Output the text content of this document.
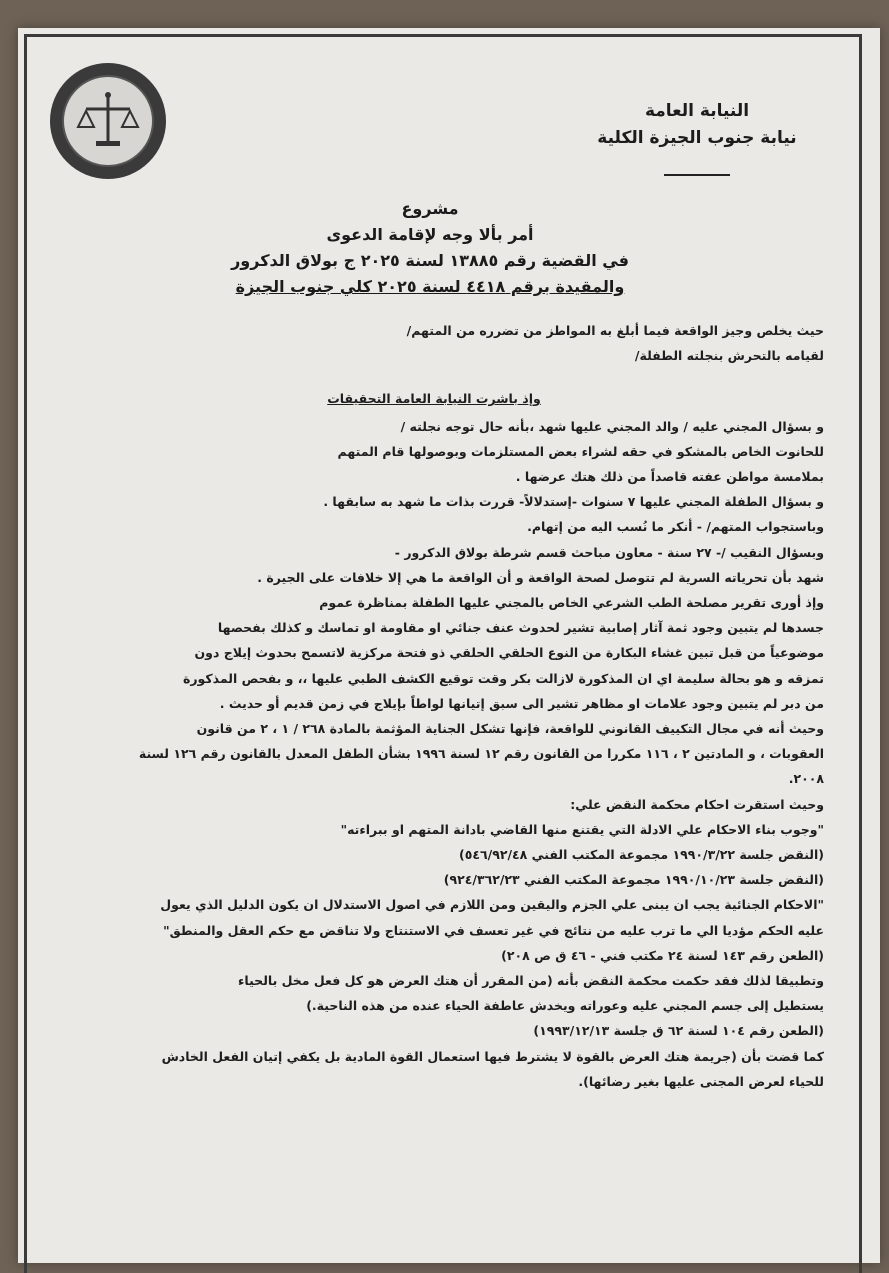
النيابة العامة
نيابة جنوب الجيزة الكلية
مشروع
أمر بألا وجه لإقامة الدعوى
في القضية رقم ١٣٨٨٥ لسنة ٢٠٢٥ ج بولاق الدكرور
والمقيدة برقم ٤٤١٨ لسنة ٢٠٢٥ كلي جنوب الجيزة

حيث يخلص وجيز الواقعة فيما أبلغ به المواطز من تضرره من المتهم/

لقيامه بالتحرش بنجلته الطفلة/

وإذ باشرت النيابة العامة التحقيقات

و بسؤال المجني عليه / والد المجني عليها شهد ،بأنه حال توجه نجلته /

للحانوت الخاص بالمشكو في حقه لشراء بعض المستلزمات وبوصولها قام المتهم

بملامسة مواطن عفته قاصداً من ذلك هتك عرضها .

و بسؤال الطفلة المجني عليها ٧ سنوات -إستدلالاً- قررت بذات ما شهد به سابقها .

وباستجواب المتهم/ - أنكر ما نُسب اليه من إتهام.

وبسؤال النقيب /- ٢٧ سنة - معاون مباحث قسم شرطة بولاق الدكرور -

شهد بأن تحرياته السرية لم تتوصل لصحة الواقعة و أن الواقعة ما هي إلا خلافات على الجيرة .

وإذ أورى تقرير مصلحة الطب الشرعي الخاص بالمجني عليها الطفلة بمناظرة عموم

جسدها لم يتبين وجود ثمة آثار إصابية تشير لحدوث عنف جنائي او مقاومة او تماسك و كذلك بفحصها

موضوعياً من قبل تبين غشاء البكارة من النوع الحلقي الحلقي ذو فتحة مركزية لاتسمح بحدوث إيلاج دون

تمزقه و هو بحالة سليمة اي ان المذكورة لازالت بكر وقت توقيع الكشف الطبي عليها ،، و بفحص المذكورة

من دبر لم يتبين وجود علامات او مظاهر تشير الى سبق إتيانها لواطاً بإيلاج في زمن قديم أو حديث .

وحيث أنه في مجال التكييف القانوني للواقعة، فإنها تشكل الجناية المؤثمة بالمادة ٢٦٨ / ١ ، ٢ من قانون

العقوبات ، و المادتين ٢ ، ١١٦ مكررا من القانون رقم ١٢ لسنة ١٩٩٦ بشأن الطفل المعدل بالقانون رقم ١٢٦ لسنة

٢٠٠٨.

وحيث استقرت احكام محكمة النقض علي:

"وجوب بناء الاحكام علي الادلة التي يقتنع منها القاضي بادانة المتهم او ببراءته"

(النقض جلسة ١٩٩٠/٣/٢٢ مجموعة المكتب الفني ٥٤٦/٩٢/٤٨)

(النقض جلسة ١٩٩٠/١٠/٢٣ مجموعة المكتب الفني ٩٢٤/٣٦٢/٢٣)

"الاحكام الجنائية يجب ان يبنى علي الجزم واليقين ومن اللازم في اصول الاستدلال ان يكون الدليل الذي يعول

عليه الحكم مؤديا الي ما ترب عليه من نتائج في غير تعسف في الاستنتاج ولا تناقض مع حكم العقل والمنطق"

(الطعن رقم ١٤٣ لسنة ٢٤ مكتب فني - ٤٦ ق ص ٢٠٨)

وتطبيقا لذلك فقد حكمت محكمة النقض بأنه (من المقرر أن هتك العرض هو كل فعل مخل بالحياء

يستطيل إلى جسم المجني عليه وعوراته ويخدش عاطفة الحياء عنده من هذه الناحية.)

(الطعن رقم ١٠٤ لسنة ٦٢ ق جلسة ١٩٩٣/١٢/١٣)

كما قضت بأن (جريمة هتك العرض بالقوة لا يشترط فيها استعمال القوة المادية بل يكفي إتيان الفعل الخادش

للحياء لعرض المجنى عليها بغير رضائها).
